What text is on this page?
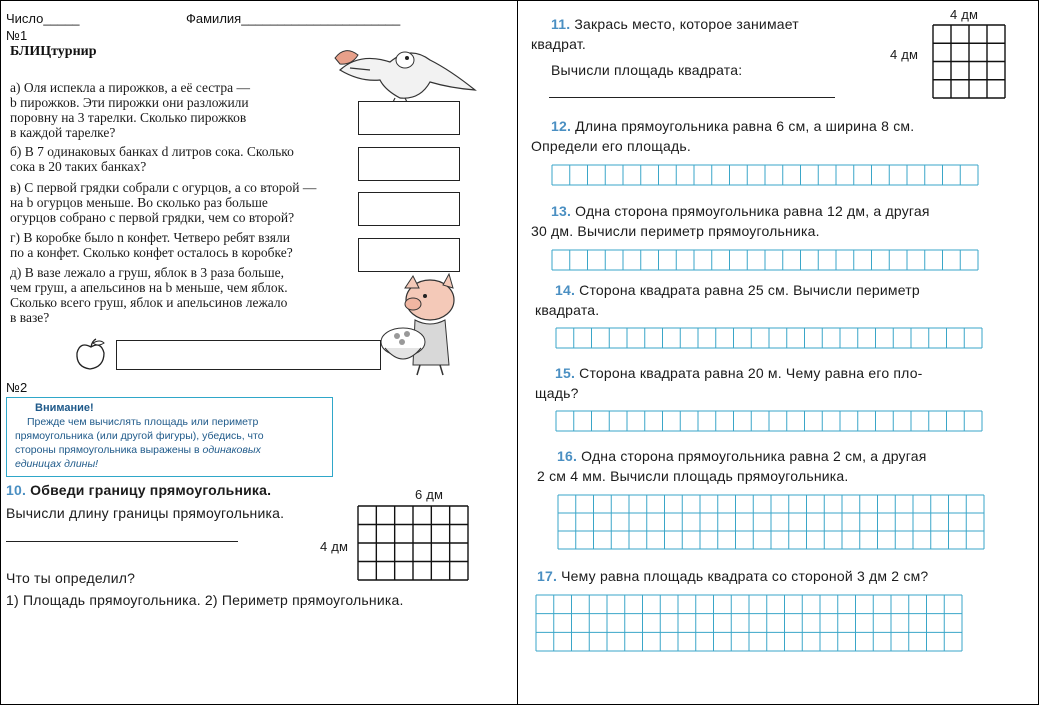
Число_____	Фамилия______________________
№1
БЛИЦтурнир
а) Оля испекла a пирожков, а её сестра —
b пирожков. Эти пирожки они разложили
поровну на 3 тарелки. Сколько пирожков
в каждой тарелке?
б) В 7 одинаковых банках d литров сока. Сколько
сока в 20 таких банках?
в) С первой грядки собрали c огурцов, а со второй —
на b огурцов меньше. Во сколько раз больше
огурцов собрано с первой грядки, чем со второй?
г) В коробке было n конфет. Четверо ребят взяли
по a конфет. Сколько конфет осталось в коробке?
д) В вазе лежало a груш, яблок в 3 раза больше,
чем груш, а апельсинов на b меньше, чем яблок.
Сколько всего груш, яблок и апельсинов лежало
в вазе?
№2
Внимание!
Прежде чем вычислять площадь или периметр
прямоугольника (или другой фигуры), убедись, что
стороны прямоугольника выражены в одинаковых
единицах длины!
10. Обведи границу прямоугольника.
Вычисли длину границы прямоугольника.
6 дм
4 дм
Что ты определил?
1) Площадь прямоугольника. 2) Периметр прямоугольника.
11. Закрась место, которое занимает
квадрат.
Вычисли площадь квадрата:
4 дм
4 дм
12. Длина прямоугольника равна 6 см, а ширина 8 см.
Определи его площадь.
13. Одна сторона прямоугольника равна 12 дм, а другая
30 дм. Вычисли периметр прямоугольника.
14. Сторона квадрата равна 25 см. Вычисли периметр
квадрата.
15. Сторона квадрата равна 20 м. Чему равна его пло-
щадь?
16. Одна сторона прямоугольника равна 2 см, а другая
2 см 4 мм. Вычисли площадь прямоугольника.
17. Чему равна площадь квадрата со стороной 3 дм 2 см?
